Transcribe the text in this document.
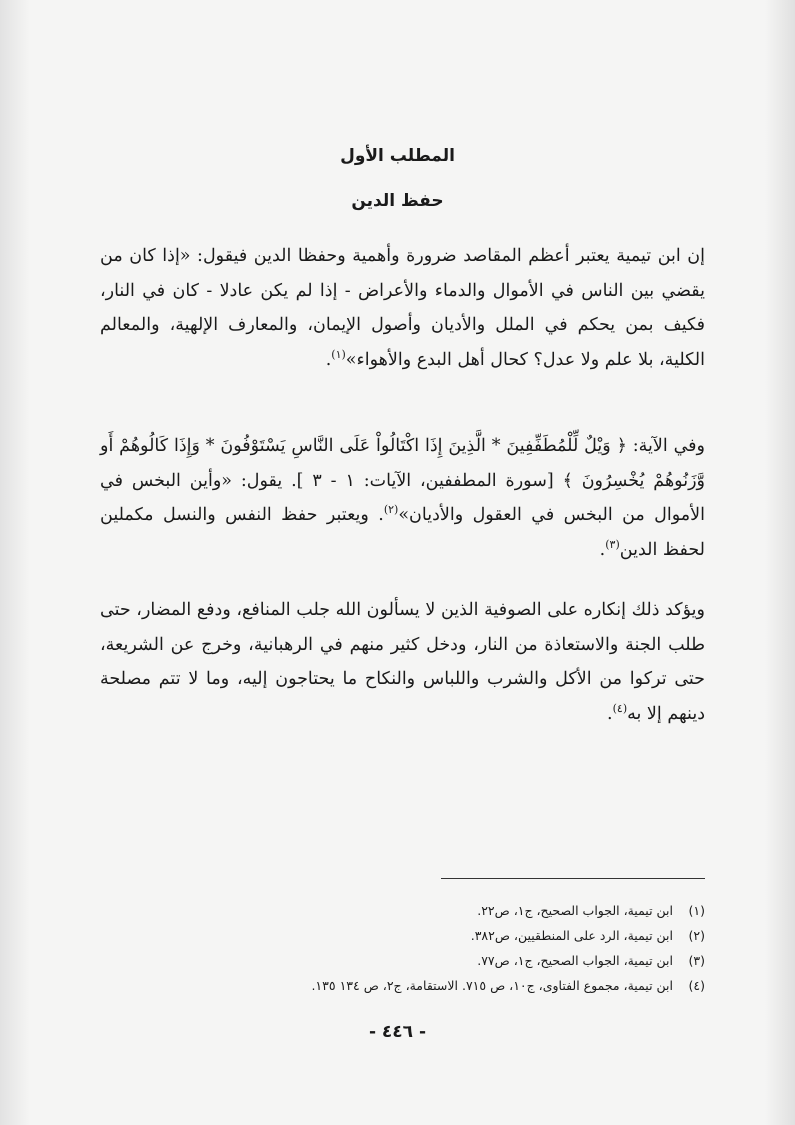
المطلب الأول
حفظ الدين

إن ابن تيمية يعتبر أعظم المقاصد ضرورة وأهمية وحفظا الدين فيقول: «إذا كان من يقضي بين الناس في الأموال والدماء والأعراض - إذا لم يكن عادلا - كان في النار، فكيف بمن يحكم في الملل والأديان وأصول الإيمان، والمعارف الإلهية، والمعالم الكلية، بلا علم ولا عدل؟ كحال أهل البدع والأهواء»$^{(١)}$.

وفي الآية: ﴿ وَيْلٌ لِّلْمُطَفِّفِينَ * الَّذِينَ إِذَا اكْتَالُواْ عَلَى النَّاسِ يَسْتَوْفُونَ * وَإِذَا كَالُوهُمْ أَو وَّزَنُوهُمْ يُخْسِرُونَ ﴾ [سورة المطففين، الآيات: ١ - ٣ ]. يقول: «وأين البخس في الأموال من البخس في العقول والأديان»$^{(٢)}$. ويعتبر حفظ النفس والنسل مكملين لحفظ الدين$^{(٣)}$.

ويؤكد ذلك إنكاره على الصوفية الذين لا يسألون الله جلب المنافع، ودفع المضار، حتى طلب الجنة والاستعاذة من النار، ودخل كثير منهم في الرهبانية، وخرج عن الشريعة، حتى تركوا من الأكل والشرب واللباس والنكاح ما يحتاجون إليه، وما لا تتم مصلحة دينهم إلا به$^{(٤)}$.

(١)ابن تيمية، الجواب الصحيح، ج١، ص٢٢.
(٢)ابن تيمية، الرد على المنطقيين، ص٣٨٢.
(٣)ابن تيمية، الجواب الصحيح، ج١، ص٧٧.
(٤)ابن تيمية، مجموع الفتاوى، ج١٠، ص ٧١٥. الاستقامة، ج٢، ص ١٣٤ ١٣٥.
- ٤٤٦ -
